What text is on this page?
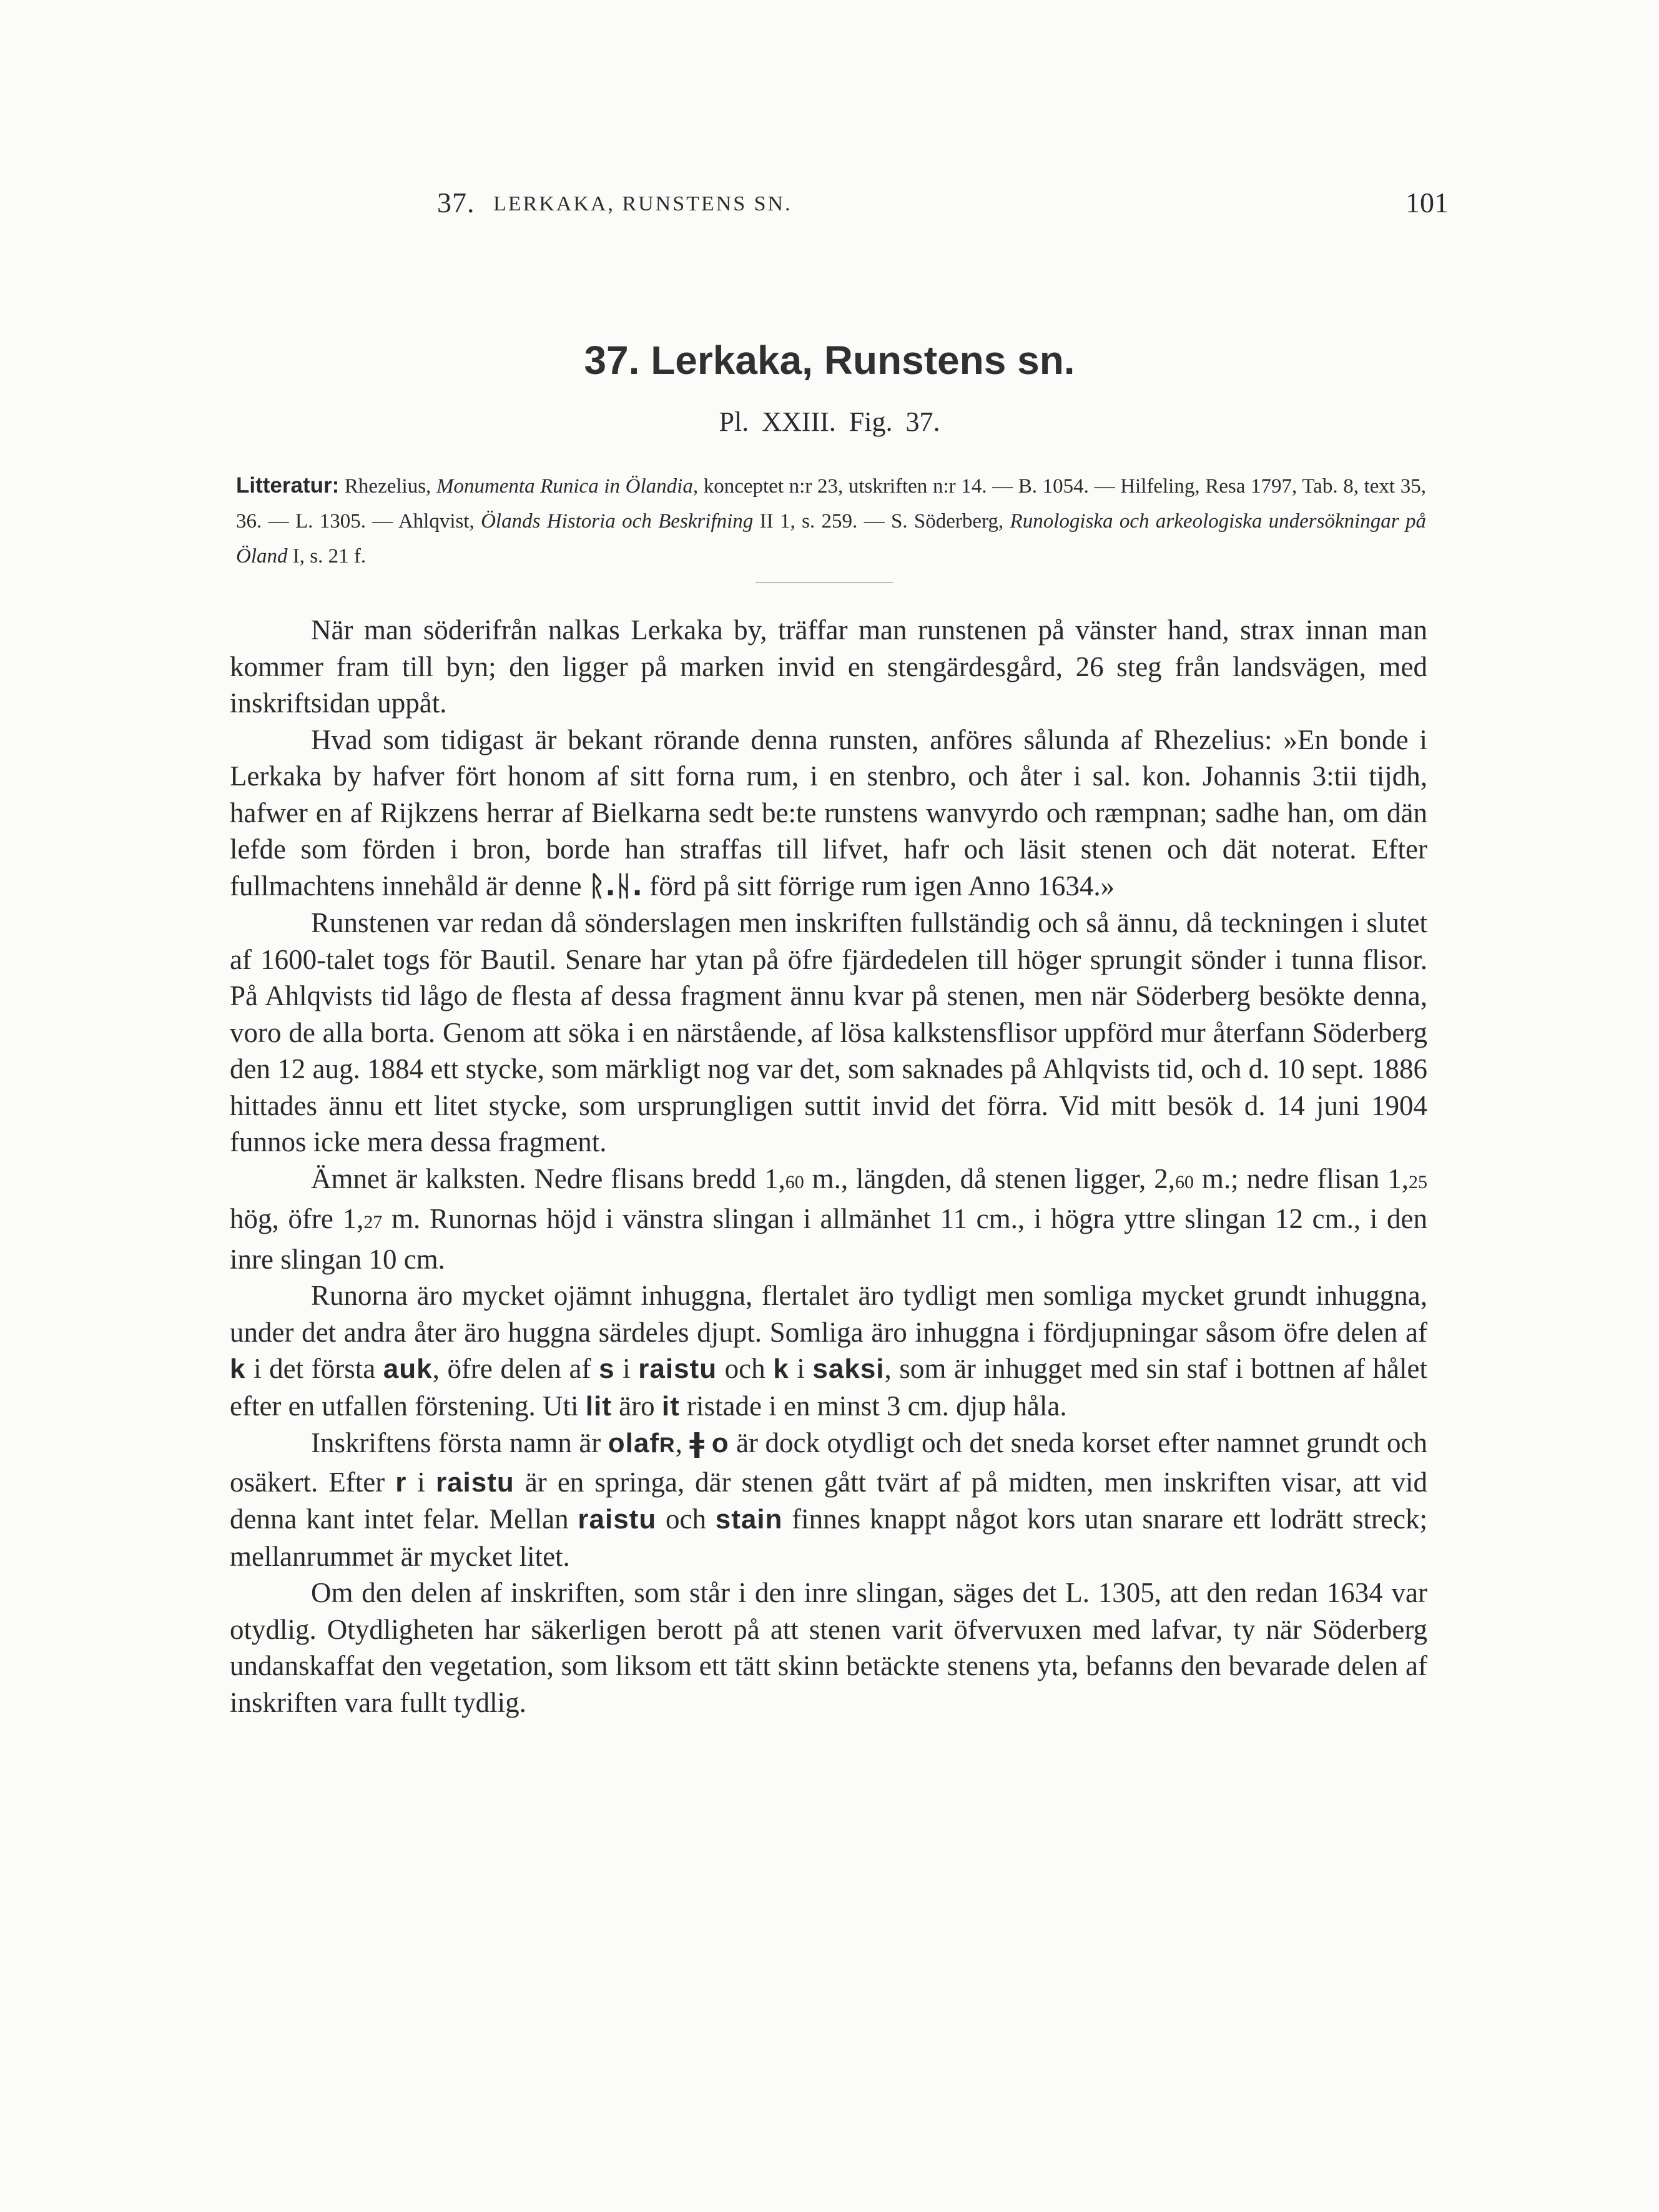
37. LERKAKA, RUNSTENS SN.	101
37. Lerkaka, Runstens sn.
Pl. XXIII. Fig. 37.
Litteratur: Rhezelius, Monumenta Runica in Ölandia, konceptet n:r 23, utskriften n:r 14. — B. 1054. — Hilfeling, Resa 1797, Tab. 8, text 35, 36. — L. 1305. — Ahlqvist, Ölands Historia och Beskrifning II 1, s. 259. — S. Söderberg, Runologiska och arkeologiska undersökningar på Öland I, s. 21 f.

När man söderifrån nalkas Lerkaka by, träffar man runstenen på vänster hand, strax innan man kommer fram till byn; den ligger på marken invid en stengärdesgård, 26 steg från landsvägen, med inskriftsidan uppåt.

Hvad som tidigast är bekant rörande denna runsten, anföres sålunda af Rhezelius: »En bonde i Lerkaka by hafver fört honom af sitt forna rum, i en stenbro, och åter i sal. kon. Johannis 3:tii tijdh, hafwer en af Rijkzens herrar af Bielkarna sedt be:te runstens wanvyrdo och ræmpnan; sadhe han, om dän lefde som förden i bron, borde han straffas till lifvet, hafr och läsit stenen och dät noterat. Efter fullmachtens innehåld är denne ᚱ.ᚺ. förd på sitt förrige rum igen Anno 1634.»

Runstenen var redan då sönderslagen men inskriften fullständig och så ännu, då teckningen i slutet af 1600-talet togs för Bautil. Senare har ytan på öfre fjärdedelen till höger sprungit sönder i tunna flisor. På Ahlqvists tid lågo de flesta af dessa fragment ännu kvar på stenen, men när Söderberg besökte denna, voro de alla borta. Genom att söka i en närstående, af lösa kalkstensflisor uppförd mur återfann Söderberg den 12 aug. 1884 ett stycke, som märkligt nog var det, som saknades på Ahlqvists tid, och d. 10 sept. 1886 hittades ännu ett litet stycke, som ursprungligen suttit invid det förra. Vid mitt besök d. 14 juni 1904 funnos icke mera dessa fragment.

Ämnet är kalksten. Nedre flisans bredd 1,60 m., längden, då stenen ligger, 2,60 m.; nedre flisan 1,25 hög, öfre 1,27 m. Runornas höjd i vänstra slingan i allmänhet 11 cm., i högra yttre slingan 12 cm., i den inre slingan 10 cm.

Runorna äro mycket ojämnt inhuggna, flertalet äro tydligt men somliga mycket grundt inhuggna, under det andra åter äro huggna särdeles djupt. Somliga äro inhuggna i fördjupningar såsom öfre delen af k i det första auk, öfre delen af s i raistu och k i saksi, som är inhugget med sin staf i bottnen af hålet efter en utfallen förstening. Uti lit äro it ristade i en minst 3 cm. djup håla.

Inskriftens första namn är olafR, ǂ o är dock otydligt och det sneda korset efter namnet grundt och osäkert. Efter r i raistu är en springa, där stenen gått tvärt af på midten, men inskriften visar, att vid denna kant intet felar. Mellan raistu och stain finnes knappt något kors utan snarare ett lodrätt streck; mellanrummet är mycket litet.

Om den delen af inskriften, som står i den inre slingan, säges det L. 1305, att den redan 1634 var otydlig. Otydligheten har säkerligen berott på att stenen varit öfvervuxen med lafvar, ty när Söderberg undanskaffat den vegetation, som liksom ett tätt skinn betäckte stenens yta, befanns den bevarade delen af inskriften vara fullt tydlig.
